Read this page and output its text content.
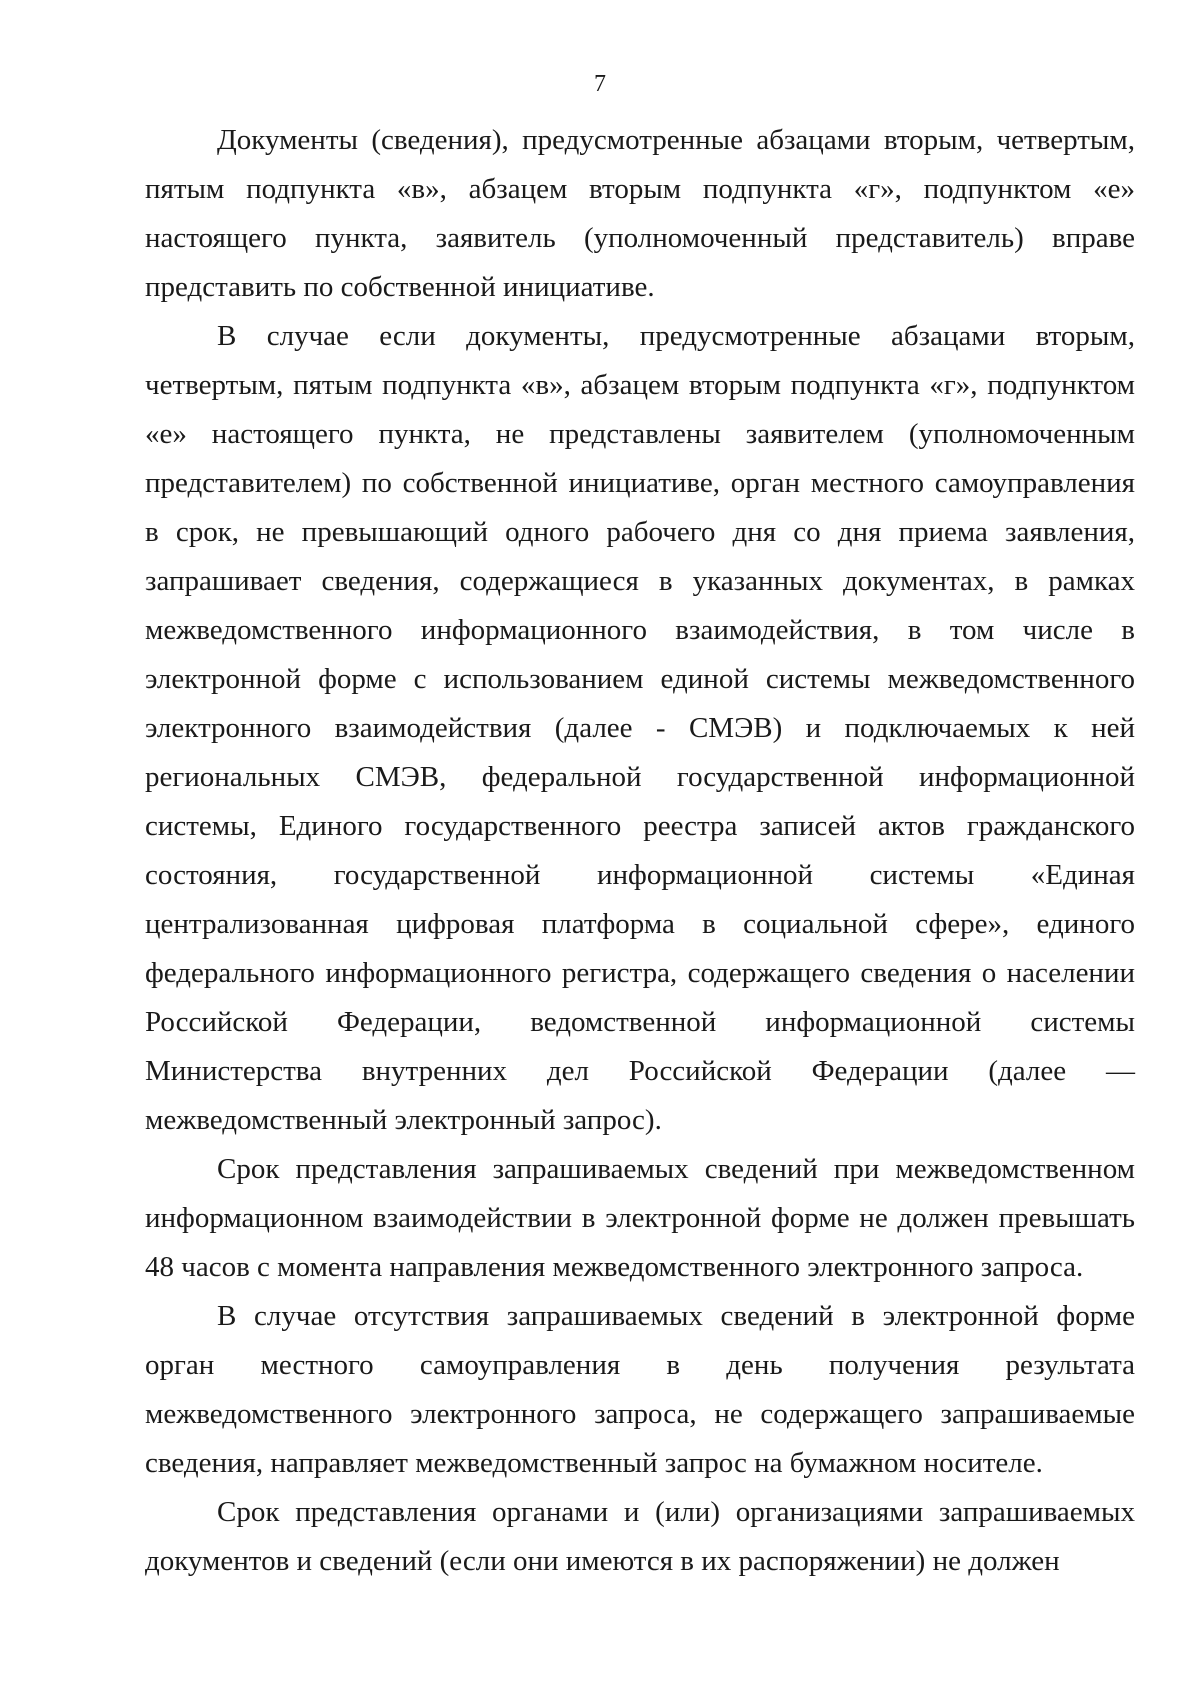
7

Документы (сведения), предусмотренные абзацами вторым, четвертым, пятым подпункта «в», абзацем вторым подпункта «г», подпунктом «е» настоящего пункта, заявитель (уполномоченный представитель) вправе представить по собственной инициативе.

В случае если документы, предусмотренные абзацами вторым, четвертым, пятым подпункта «в», абзацем вторым подпункта «г», подпунктом «е» настоящего пункта, не представлены заявителем (уполномоченным представителем) по собственной инициативе, орган местного самоуправления в срок, не превышающий одного рабочего дня со дня приема заявления, запрашивает сведения, содержащиеся в указанных документах, в рамках межведомственного информационного взаимодействия, в том числе в электронной форме с использованием единой системы межведомственного электронного взаимодействия (далее - СМЭВ) и подключаемых к ней региональных СМЭВ, федеральной государственной информационной системы, Единого государственного реестра записей актов гражданского состояния, государственной информационной системы «Единая централизованная цифровая платформа в социальной сфере», единого федерального информационного регистра, содержащего сведения о населении Российской Федерации, ведомственной информационной системы Министерства внутренних дел Российской Федерации (далее — межведомственный электронный запрос).

Срок представления запрашиваемых сведений при межведомственном информационном взаимодействии в электронной форме не должен превышать 48 часов с момента направления межведомственного электронного запроса.

В случае отсутствия запрашиваемых сведений в электронной форме орган местного самоуправления в день получения результата межведомственного электронного запроса, не содержащего запрашиваемые сведения, направляет межведомственный запрос на бумажном носителе.

Срок представления органами и (или) организациями запрашиваемых документов и сведений (если они имеются в их распоряжении) не должен
